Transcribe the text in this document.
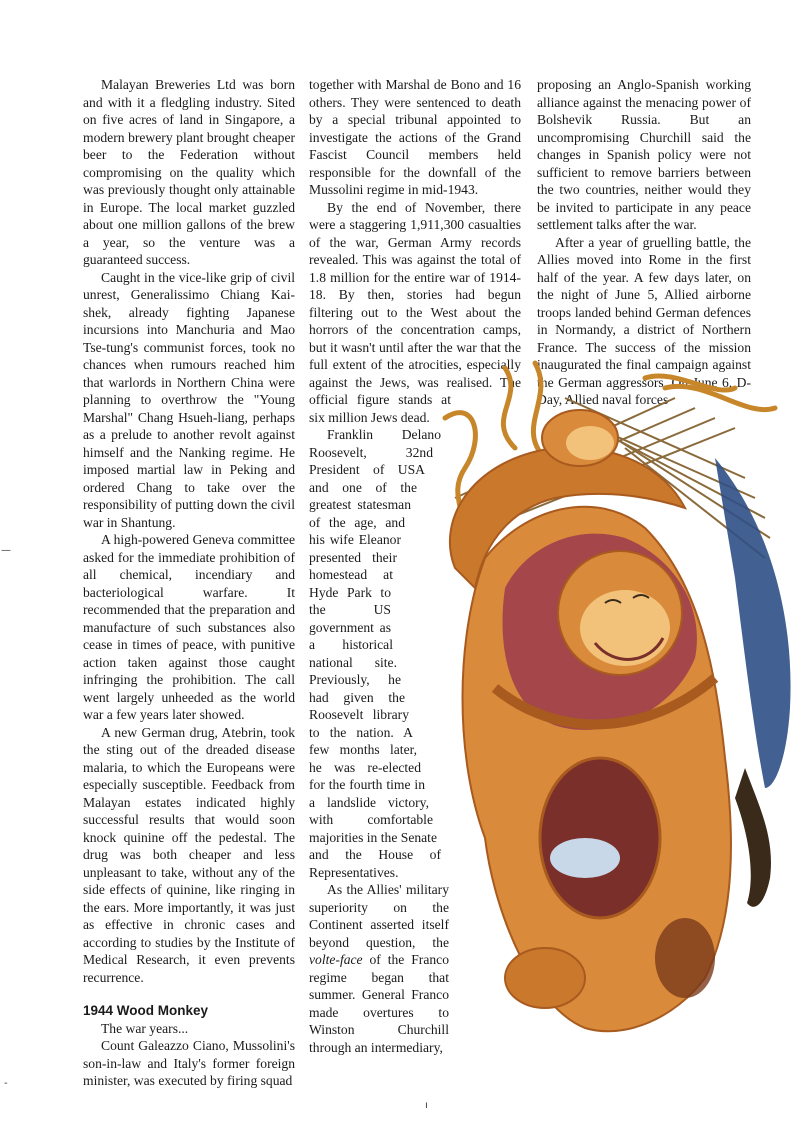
Malayan Breweries Ltd was born and with it a fledgling industry. Sited on five acres of land in Singapore, a modern brewery plant brought cheaper beer to the Federation without compromising on the quality which was previously thought only attainable in Europe. The local market guzzled about one million gallons of the brew a year, so the venture was a guaranteed success.

Caught in the vice-like grip of civil unrest, Generalissimo Chiang Kai-shek, already fighting Japanese incursions into Manchuria and Mao Tse-tung's communist forces, took no chances when rumours reached him that warlords in Northern China were planning to overthrow the "Young Marshal" Chang Hsueh-liang, perhaps as a prelude to another revolt against himself and the Nanking regime. He imposed martial law in Peking and ordered Chang to take over the responsibility of putting down the civil war in Shantung.

A high-powered Geneva committee asked for the immediate prohibition of all chemical, incendiary and bacteriological warfare. It recommended that the preparation and manufacture of such substances also cease in times of peace, with punitive action taken against those caught infringing the prohibition. The call went largely unheeded as the world war a few years later showed.

A new German drug, Atebrin, took the sting out of the dreaded disease malaria, to which the Europeans were especially susceptible. Feedback from Malayan estates indicated highly successful results that would soon knock quinine off the pedestal. The drug was both cheaper and less unpleasant to take, without any of the side effects of quinine, like ringing in the ears. More importantly, it was just as effective in chronic cases and according to studies by the Institute of Medical Research, it even prevents recurrence.

1944 Wood Monkey

The war years...

Count Galeazzo Ciano, Mussolini's son-in-law and Italy's former foreign minister, was executed by firing squad

together with Marshal de Bono and 16 others. They were sentenced to death by a special tribunal appointed to investigate the actions of the Grand Fascist Council members held responsible for the downfall of the Mussolini regime in mid-1943.

By the end of November, there were a staggering 1,911,300 casualties of the war, German Army records revealed. This was against the total of 1.8 million for the entire war of 1914-18. By then, stories had begun filtering out to the West about the horrors of the concentration camps, but it wasn't until after the war that the full extent of the atrocities, especially against the Jews, was realised. The official figure stands at six million Jews dead.

Franklin Delano Roosevelt, 32nd President of USA and one of the greatest statesman of the age, and his wife Eleanor presented their homestead at Hyde Park to the US government as a historical national site. Previously, he had given the Roosevelt library to the nation. A few months later, he was re-elected for the fourth time in a landslide victory, with comfortable majorities in the Senate and the House of Representatives.

As the Allies' military superiority on the Continent asserted itself beyond question, the volte-face of the Franco regime began that summer. General Franco made overtures to Winston Churchill through an intermediary,

proposing an Anglo-Spanish working alliance against the menacing power of Bolshevik Russia. But an uncompromising Churchill said the changes in Spanish policy were not sufficient to remove barriers between the two countries, neither would they be invited to participate in any peace settlement talks after the war.

After a year of gruelling battle, the Allies moved into Rome in the first half of the year. A few days later, on the night of June 5, Allied airborne troops landed behind German defences in Normandy, a district of Northern France. The success of the mission inaugurated the final campaign against the German aggressors. On June 6, D-Day, Allied naval forces

—
-
ı
